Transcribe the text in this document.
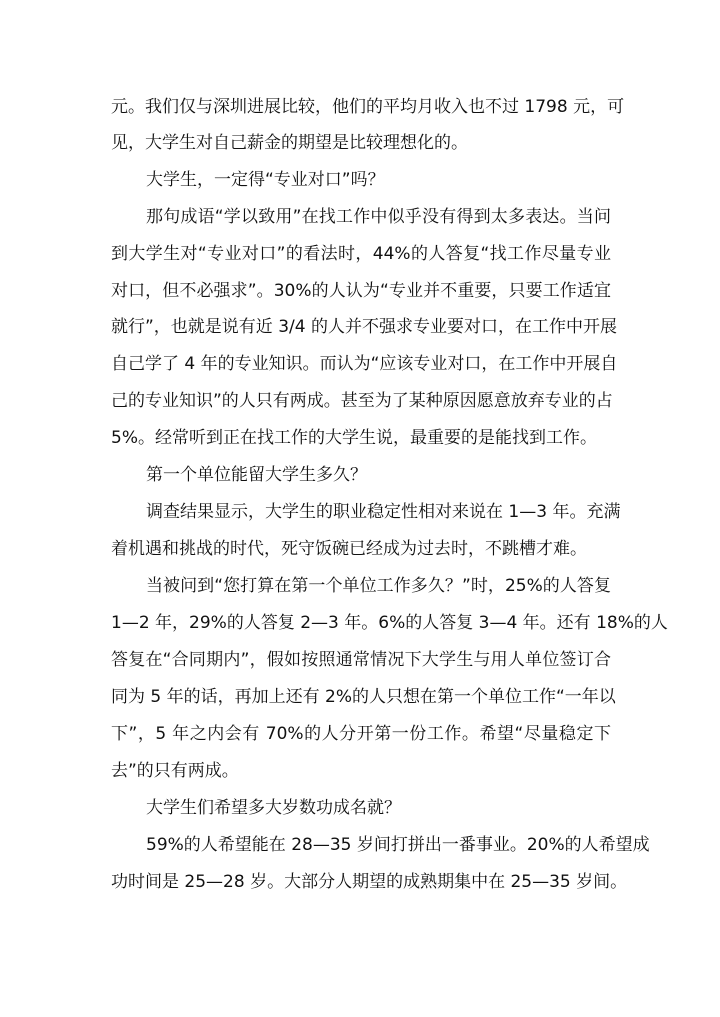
元。我们仅与深圳进展比较，他们的平均月收入也不过 1798 元，可

见，大学生对自己薪金的期望是比较理想化的。

大学生，一定得“专业对口”吗？

那句成语“学以致用”在找工作中似乎没有得到太多表达。当问

到大学生对“专业对口”的看法时，44%的人答复“找工作尽量专业

对口，但不必强求”。30%的人认为“专业并不重要，只要工作适宜

就行”，也就是说有近 3/4 的人并不强求专业要对口，在工作中开展

自己学了 4 年的专业知识。而认为“应该专业对口，在工作中开展自

己的专业知识”的人只有两成。甚至为了某种原因愿意放弃专业的占

5%。经常听到正在找工作的大学生说，最重要的是能找到工作。

第一个单位能留大学生多久？

调查结果显示，大学生的职业稳定性相对来说在 1—3 年。充满

着机遇和挑战的时代，死守饭碗已经成为过去时，不跳槽才难。

当被问到“您打算在第一个单位工作多久？”时，25%的人答复

1—2 年，29%的人答复 2—3 年。6%的人答复 3—4 年。还有 18%的人

答复在“合同期内”，假如按照通常情况下大学生与用人单位签订合

同为 5 年的话，再加上还有 2%的人只想在第一个单位工作“一年以

下”，5 年之内会有 70%的人分开第一份工作。希望“尽量稳定下

去”的只有两成。

大学生们希望多大岁数功成名就？

59%的人希望能在 28—35 岁间打拼出一番事业。20%的人希望成

功时间是 25—28 岁。大部分人期望的成熟期集中在 25—35 岁间。
